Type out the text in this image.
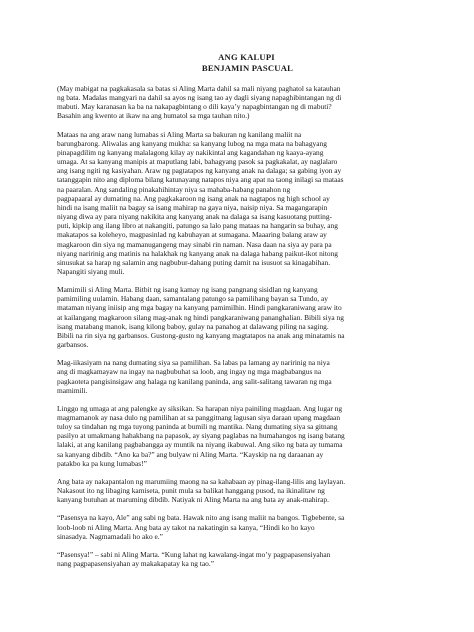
ANG KALUPI
BENJAMIN PASCUAL
(May mabigat na pagkakasala sa batas si Aling Marta dahil sa mali niyang paghatol sa katauhan
ng bata. Madalas mangyari na dahil sa ayos ng isang tao ay dagli siyang napaghibintangan ng di
mabuti. May karanasan ka ba na nakapagbintang o dili kaya’y napagbintangan ng di mabuti?
Basahin ang kwento at ikaw na ang humatol sa mga tauhan nito.)
Mataas na ang araw nang lumabas si Aling Marta sa bakuran ng kanilang maliit na
barungbarong. Aliwalas ang kanyang mukha: sa kanyang lubog na mga mata na bahagyang
pinapagdilim ng kanyang malalagong kilay ay nakikintal ang kagandahan ng kaaya-ayang
umaga. At sa kanyang manipis at maputlang labi, bahagyang pasok sa pagkakalat, ay naglalaro
ang isang ngiti ng kasiyahan. Araw ng pagtatapos ng kanyang anak na dalaga; sa gabing iyon ay
tatanggapin nito ang diploma bilang katunayang natapos niya ang apat na taong inilagi sa mataas
na paaralan. Ang sandaling pinakahihintay niya sa mahaba-habang panahon ng
pagpapaaral ay dumating na. Ang pagkakaroon ng isang anak na nagtapos ng high school ay
hindi na isang maliit na bagay sa isang mahirap na gaya niya, naisip niya. Sa magangarapin
niyang diwa ay para niyang nakikita ang kanyang anak na dalaga sa isang kasuotang putting-
puti, kipkip ang ilang libro at nakangiti, patungo sa lalo pang mataas na hangarin sa buhay, ang
makatapos sa koleheyo, magpasinlad ng kabuhayan at sumagana. Maaaring balang araw ay
magkaroon din siya ng mamanugangeng may sinabi rin naman. Nasa daan na siya ay para pa
niyang naririnig ang matinis na halakhak ng kanyang anak na dalaga habang paikut-ikot nitong
sinusukat sa harap ng salamin ang nagbubur-dahang puting damit na isusuot sa kinagabihan.
Napangiti siyang muli.
Mamimili si Aling Marta. Bitbit ng isang kamay ng isang pangnang sisidlan ng kanyang
pamimiling uulamin. Habang daan, samantalang patungo sa pamilihang bayan sa Tundo, ay
mataman niyang iniisip ang mga bagay na kanyang pamimilhin. Hindi pangkaraniwang araw ito
at kailangang magkaroon silang mag-anak ng hindi pangkaraniwang pananghalian. Bibili siya ng
isang matabang manok, isang kilong baboy, gulay na panahog at dalawang piling na saging.
Bibili na rin siya ng garbansos. Gustong-gusto ng kanyang magtatapos na anak ang minatamis na
garbansos.
Mag-iikasiyam na nang dumating siya sa pamilihan. Sa labas pa lamang ay naririnig na niya
ang di magkamayaw na ingay na nagbubuhat sa loob, ang ingay ng mga magbabangus na
pagkaoteta pangisinsigaw ang halaga ng kanilang paninda, ang salit-salitang tawaran ng mga
mamimili.
Linggo ng umaga at ang palengke ay siksikan. Sa harapan niya painiling magdaan. Ang lugar ng
magmamanok ay nasa dulo ng pamilihan at sa panggitnang lagusan siya daraan upang magdaan
tuloy sa tindahan ng mga tuyong paninda at bumili ng mantika. Nang dumating siya sa gitnang
pasilyo at umakmang hahakbang na papasok, ay siyang paglabas na humahangos ng isang batang
lalaki, at ang kanilang pagbabangga ay muntik na niyang ikabuwal. Ang siko ng bata ay tumama
sa kanyang dibdib. “Ano ka ba?” ang bulyaw ni Aling Marta. “Kayskip na ng daraanan ay
patakbo ka pa kung lumabas!”
Ang bata ay nakapantalon ng marumiing maong na sa kahabaan ay pinag-ilang-lilis ang laylayan.
Nakasout ito ng libaging kamiseta, punit mula sa balikat hanggang pusod, na ikinalitaw ng
kanyang butuhan at maruming dibdib. Natiyak ni Aling Marta na ang bata ay anak-mahirap.
“Pasensya na kayo, Ale” ang sabi ng bata. Hawak nito ang isang maliit na bangos. Tigbebente, sa
loob-loob ni Aling Marta. Ang bata ay takot na nakatingin sa kanya, “Hindi ko ho kayo
sinasadya. Nagmamadali ho ako e.”
“Pasensya!” – sabi ni Aling Marta. “Kung lahat ng kawalang-ingat mo’y pagpapasensiyahan
nang pagpapasensiyahan ay makakapatay ka ng tao.”
